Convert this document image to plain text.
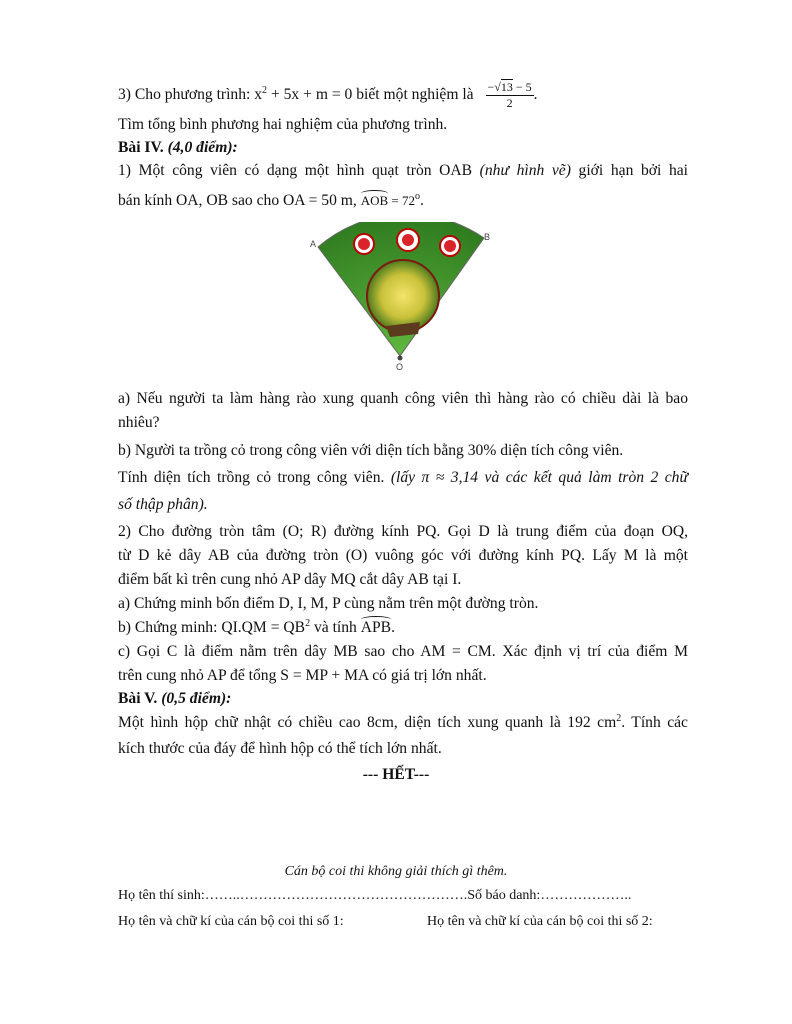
3) Cho phương trình: $x^2 + 5x + m = 0$ biết một nghiệm là $\frac{-√13 - 5}{2}$ .
Tìm tổng bình phương hai nghiệm của phương trình.
Bài IV. (4,0 điểm):
1) Một công viên có dạng một hình quạt tròn OAB (như hình vẽ) giới hạn bởi hai
bán kính OA, OB sao cho OA = 50 m, AOB = $72^o$.
A
B
O
a) Nếu người ta làm hàng rào xung quanh công viên thì hàng rào có chiều dài là bao
nhiêu?
b) Người ta trồng cỏ trong công viên với diện tích bằng 30% diện tích công viên.
Tính diện tích trồng cỏ trong công viên. (lấy π ≈ 3,14 và các kết quả làm tròn 2 chữ
số thập phân).
2) Cho đường tròn tâm (O; R) đường kính PQ. Gọi D là trung điểm của đoạn OQ,
từ D kẻ dây AB của đường tròn (O) vuông góc với đường kính PQ. Lấy M là một
điểm bất kì trên cung nhỏ AP dây MQ cắt dây AB tại I.
a) Chứng minh bốn điểm D, I, M, P cùng nằm trên một đường tròn.
b) Chứng minh: $QI.QM = QB^2$ và tính APB.
c) Gọi C là điểm nằm trên dây MB sao cho AM = CM. Xác định vị trí của điểm M
trên cung nhỏ AP để tổng S = MP + MA có giá trị lớn nhất.
Bài V. (0,5 điểm):
Một hình hộp chữ nhật có chiều cao 8cm, diện tích xung quanh là 192 $cm^2$. Tính các
kích thước của đáy để hình hộp có thể tích lớn nhất.
--- HẾT---
Cán bộ coi thi không giải thích gì thêm.
Họ tên thí sinh:……..………………………………………….Số báo danh:………………..
Họ tên và chữ kí của cán bộ coi thi số 1:	Họ tên và chữ kí của cán bộ coi thi số 2:
